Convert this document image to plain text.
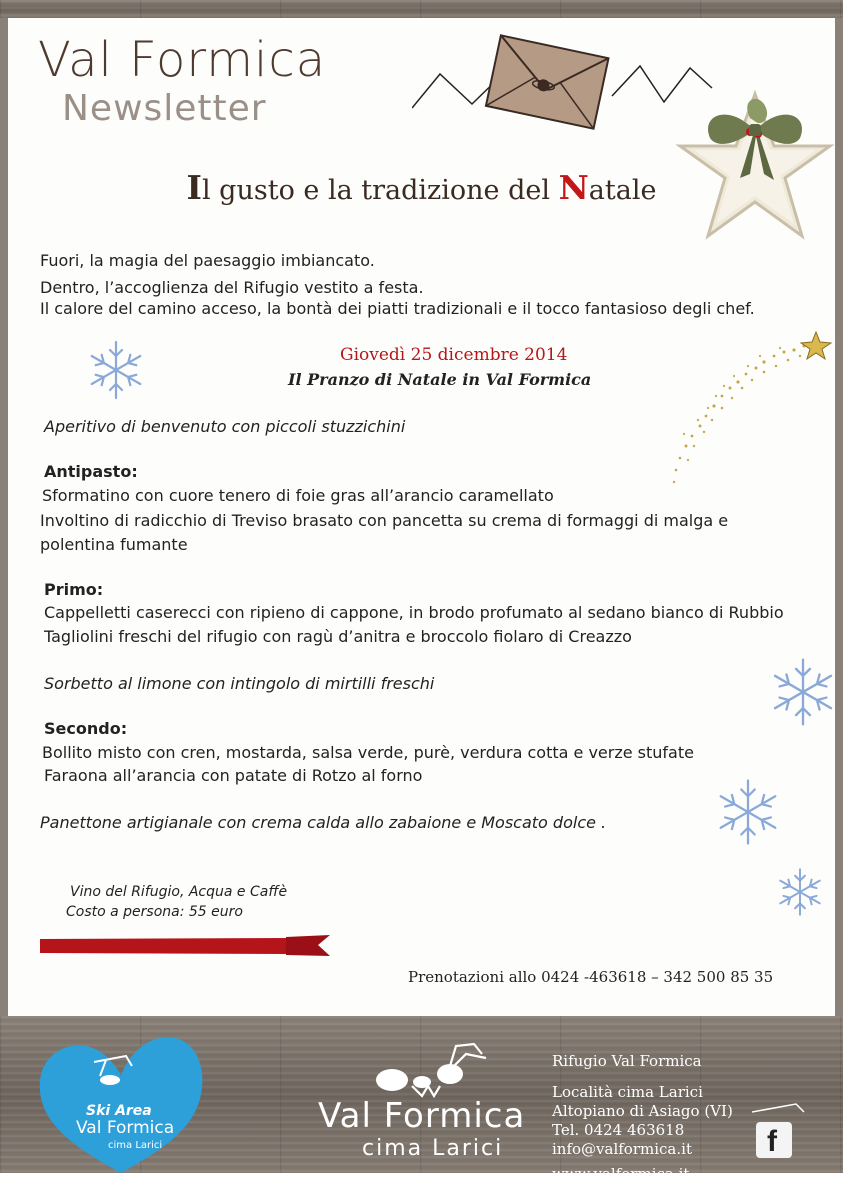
Val Formica
Newsletter
Il gusto e la tradizione del Natale
Fuori, la magia del paesaggio imbiancato.
Dentro, l’accoglienza del Rifugio vestito a festa.
Il calore del camino acceso, la bontà dei piatti tradizionali e il tocco fantasioso degli chef.
Giovedì 25 dicembre 2014
Il Pranzo di Natale in Val Formica
Aperitivo di benvenuto con piccoli stuzzichini
Antipasto:
Sformatino con cuore tenero di foie gras all’arancio caramellato
Involtino di radicchio di Treviso brasato con pancetta su crema di formaggi di malga e
polentina fumante
Primo:
Cappelletti caserecci con ripieno di cappone, in brodo profumato al sedano bianco di Rubbio
Tagliolini freschi del rifugio con ragù d’anitra e broccolo fiolaro di Creazzo
Sorbetto al limone con intingolo di mirtilli freschi
Secondo:
Bollito misto con cren, mostarda, salsa verde, purè, verdura cotta e verze stufate
Faraona all’arancia con patate di Rotzo al forno
Panettone artigianale con crema calda allo zabaione e Moscato dolce .
Vino del Rifugio, Acqua e Caffè
Costo a persona: 55 euro
Prenotazioni allo 0424 -463618 – 342 500 85 35
Ski Area
Val Formica
cima Larici
Val Formica
cima Larici
Rifugio Val Formica
Località cima Larici
Altopiano di Asiago (VI)
Tel. 0424 463618
info@valformica.it
www.valformica.it
f
